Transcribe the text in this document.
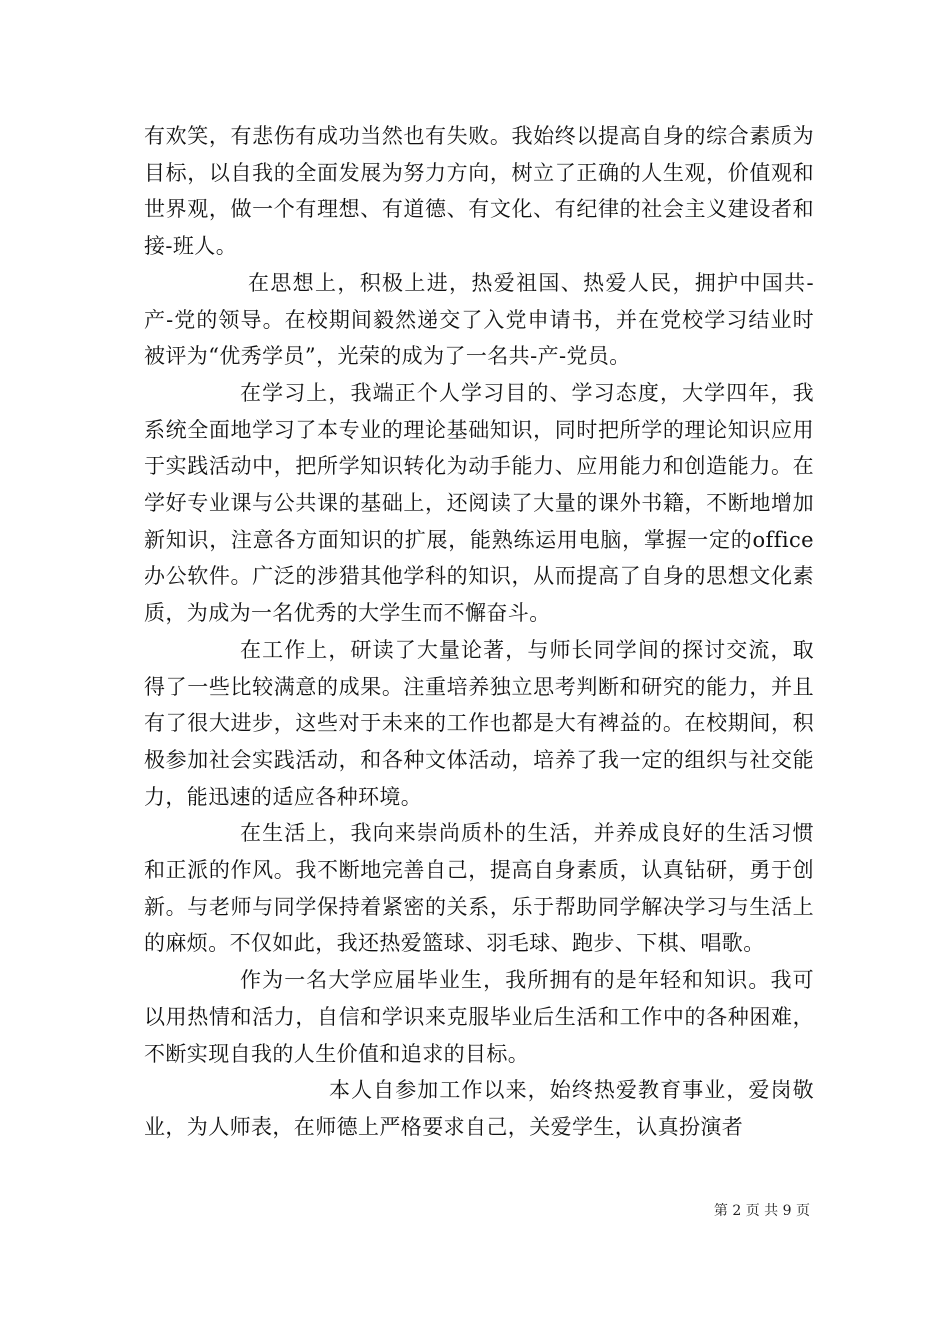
有欢笑，有悲伤有成功当然也有失败。我始终以提高自身的综合素质为目标，以自我的全面发展为努力方向，树立了正确的人生观，价值观和世界观，做一个有理想、有道德、有文化、有纪律的社会主义建设者和接-班人。

在思想上，积极上进，热爱祖国、热爱人民，拥护中国共-产-党的领导。在校期间毅然递交了入党申请书，并在党校学习结业时被评为“优秀学员”，光荣的成为了一名共-产-党员。

在学习上，我端正个人学习目的、学习态度，大学四年，我系统全面地学习了本专业的理论基础知识，同时把所学的理论知识应用于实践活动中，把所学知识转化为动手能力、应用能力和创造能力。在学好专业课与公共课的基础上，还阅读了大量的课外书籍，不断地增加新知识，注意各方面知识的扩展，能熟练运用电脑，掌握一定的office办公软件。广泛的涉猎其他学科的知识，从而提高了自身的思想文化素质，为成为一名优秀的大学生而不懈奋斗。

在工作上，研读了大量论著，与师长同学间的探讨交流，取得了一些比较满意的成果。注重培养独立思考判断和研究的能力，并且有了很大进步，这些对于未来的工作也都是大有裨益的。在校期间，积极参加社会实践活动，和各种文体活动，培养了我一定的组织与社交能力，能迅速的适应各种环境。

在生活上，我向来崇尚质朴的生活，并养成良好的生活习惯和正派的作风。我不断地完善自己，提高自身素质，认真钻研，勇于创新。与老师与同学保持着紧密的关系，乐于帮助同学解决学习与生活上的麻烦。不仅如此，我还热爱篮球、羽毛球、跑步、下棋、唱歌。

作为一名大学应届毕业生，我所拥有的是年轻和知识。我可以用热情和活力，自信和学识来克服毕业后生活和工作中的各种困难，不断实现自我的人生价值和追求的目标。

本人自参加工作以来，始终热爱教育事业，爱岗敬业，为人师表，在师德上严格要求自己，关爱学生，认真扮演者

第 2 页 共 9 页
